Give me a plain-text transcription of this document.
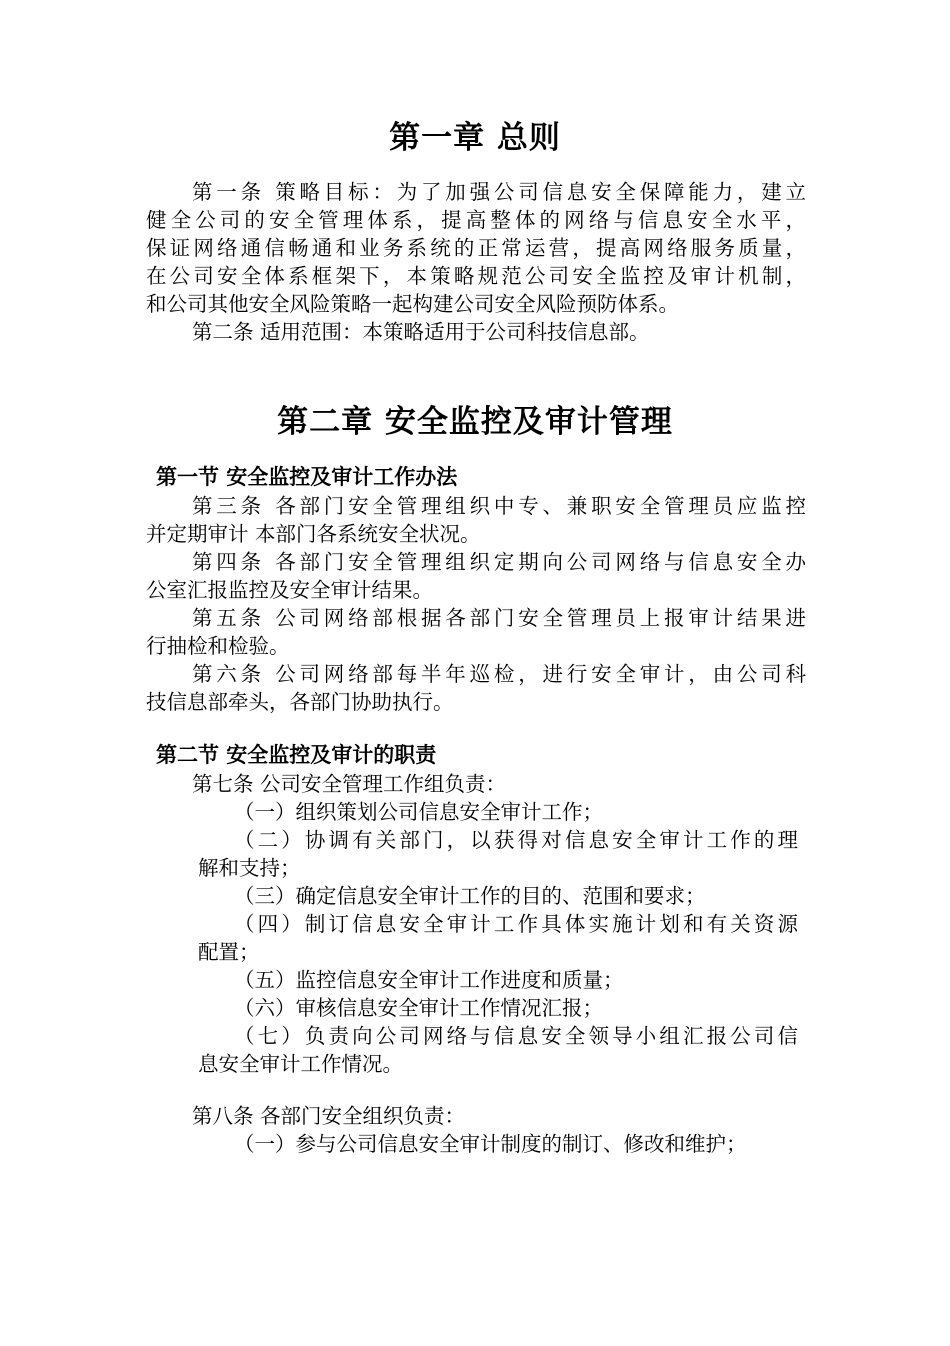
第一章 总则
第一条 策略目标：为了加强公司信息安全保障能力，建立
健全公司的安全管理体系，提高整体的网络与信息安全水平，
保证网络通信畅通和业务系统的正常运营，提高网络服务质量，
在公司安全体系框架下，本策略规范公司安全监控及审计机制，
和公司其他安全风险策略一起构建公司安全风险预防体系。
第二条 适用范围：本策略适用于公司科技信息部。
第二章 安全监控及审计管理
第一节 安全监控及审计工作办法
第三条 各部门安全管理组织中专、兼职安全管理员应监控
并定期审计 本部门各系统安全状况。
第四条 各部门安全管理组织定期向公司网络与信息安全办
公室汇报监控及安全审计结果。
第五条 公司网络部根据各部门安全管理员上报审计结果进
行抽检和检验。
第六条 公司网络部每半年巡检，进行安全审计，由公司科
技信息部牵头，各部门协助执行。
第二节 安全监控及审计的职责
第七条 公司安全管理工作组负责：
（一）组织策划公司信息安全审计工作；
（二）协调有关部门，以获得对信息安全审计工作的理
解和支持；
（三）确定信息安全审计工作的目的、范围和要求；
（四）制订信息安全审计工作具体实施计划和有关资源
配置；
（五）监控信息安全审计工作进度和质量；
（六）审核信息安全审计工作情况汇报；
（七）负责向公司网络与信息安全领导小组汇报公司信
息安全审计工作情况。
第八条 各部门安全组织负责：
（一）参与公司信息安全审计制度的制订、修改和维护；
